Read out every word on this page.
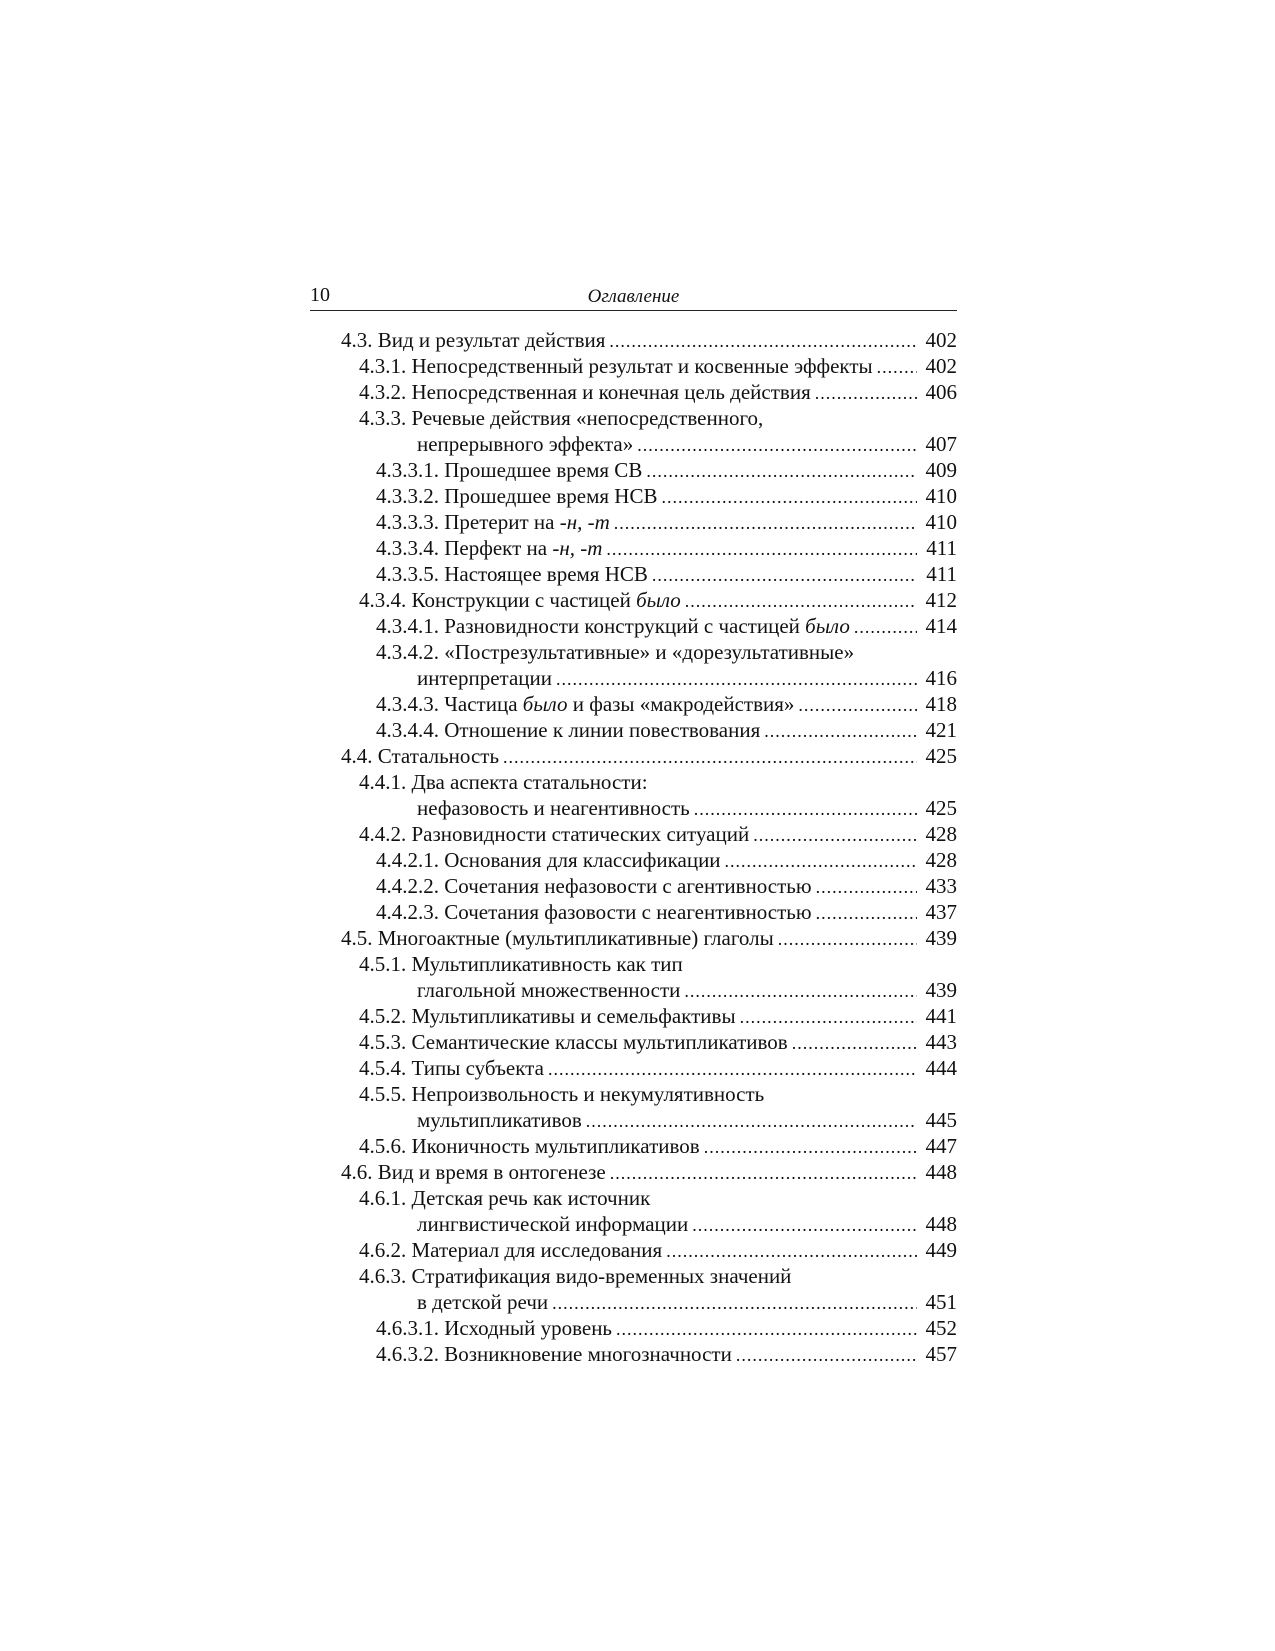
10	Оглавление
4.3. Вид и результат действия .....	402
4.3.1. Непосредственный результат и косвенные эффекты .....	402
4.3.2. Непосредственная и конечная цель действия .....	406
4.3.3. Речевые действия «непосредственного,
непрерывного эффекта» .....	407
4.3.3.1. Прошедшее время СВ .....	409
4.3.3.2. Прошедшее время НСВ .....	410
4.3.3.3. Претерит на -н, -т .....	410
4.3.3.4. Перфект на -н, -т .....	411
4.3.3.5. Настоящее время НСВ .....	411
4.3.4. Конструкции с частицей было .....	412
4.3.4.1. Разновидности конструкций с частицей было .....	414
4.3.4.2. «Пострезультативные» и «дорезультативные»
интерпретации .....	416
4.3.4.3. Частица было и фазы «макродействия» .....	418
4.3.4.4. Отношение к линии повествования .....	421
4.4. Статальность .....	425
4.4.1. Два аспекта статальности:
нефазовость и неагентивность .....	425
4.4.2. Разновидности статических ситуаций .....	428
4.4.2.1. Основания для классификации .....	428
4.4.2.2. Сочетания нефазовости с агентивностью .....	433
4.4.2.3. Сочетания фазовости с неагентивностью .....	437
4.5. Многоактные (мультипликативные) глаголы .....	439
4.5.1. Мультипликативность как тип
глагольной множественности .....	439
4.5.2. Мультипликативы и семельфактивы .....	441
4.5.3. Семантические классы мультипликативов .....	443
4.5.4. Типы субъекта .....	444
4.5.5. Непроизвольность и некумулятивность
мультипликативов .....	445
4.5.6. Иконичность мультипликативов .....	447
4.6. Вид и время в онтогенезе .....	448
4.6.1. Детская речь как источник
лингвистической информации .....	448
4.6.2. Материал для исследования .....	449
4.6.3. Стратификация видо-временных значений
в детской речи .....	451
4.6.3.1. Исходный уровень .....	452
4.6.3.2. Возникновение многозначности .....	457
